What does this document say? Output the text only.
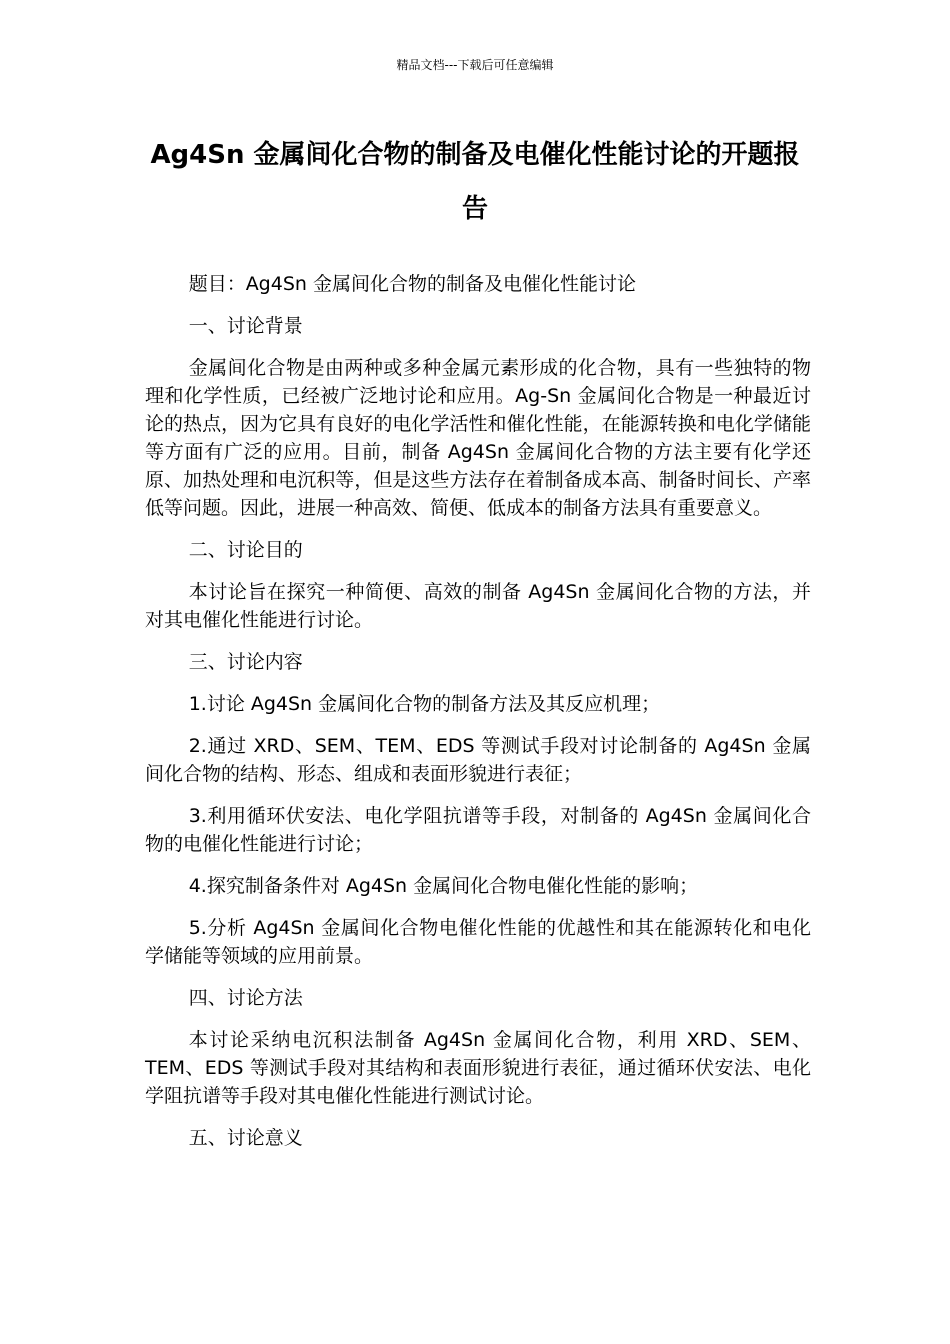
精品文档---下载后可任意编辑
Ag4Sn 金属间化合物的制备及电催化性能讨论的开题报告

题目：Ag4Sn 金属间化合物的制备及电催化性能讨论

一、讨论背景

金属间化合物是由两种或多种金属元素形成的化合物，具有一些独特的物理和化学性质，已经被广泛地讨论和应用。Ag-Sn 金属间化合物是一种最近讨论的热点，因为它具有良好的电化学活性和催化性能，在能源转换和电化学储能等方面有广泛的应用。目前，制备 Ag4Sn 金属间化合物的方法主要有化学还原、加热处理和电沉积等，但是这些方法存在着制备成本高、制备时间长、产率低等问题。因此，进展一种高效、简便、低成本的制备方法具有重要意义。

二、讨论目的

本讨论旨在探究一种简便、高效的制备 Ag4Sn 金属间化合物的方法，并对其电催化性能进行讨论。

三、讨论内容

1.讨论 Ag4Sn 金属间化合物的制备方法及其反应机理；

2.通过 XRD、SEM、TEM、EDS 等测试手段对讨论制备的 Ag4Sn 金属间化合物的结构、形态、组成和表面形貌进行表征；

3.利用循环伏安法、电化学阻抗谱等手段，对制备的 Ag4Sn 金属间化合物的电催化性能进行讨论；

4.探究制备条件对 Ag4Sn 金属间化合物电催化性能的影响；

5.分析 Ag4Sn 金属间化合物电催化性能的优越性和其在能源转化和电化学储能等领域的应用前景。

四、讨论方法

本讨论采纳电沉积法制备 Ag4Sn 金属间化合物，利用 XRD、SEM、TEM、EDS 等测试手段对其结构和表面形貌进行表征，通过循环伏安法、电化学阻抗谱等手段对其电催化性能进行测试讨论。

五、讨论意义
